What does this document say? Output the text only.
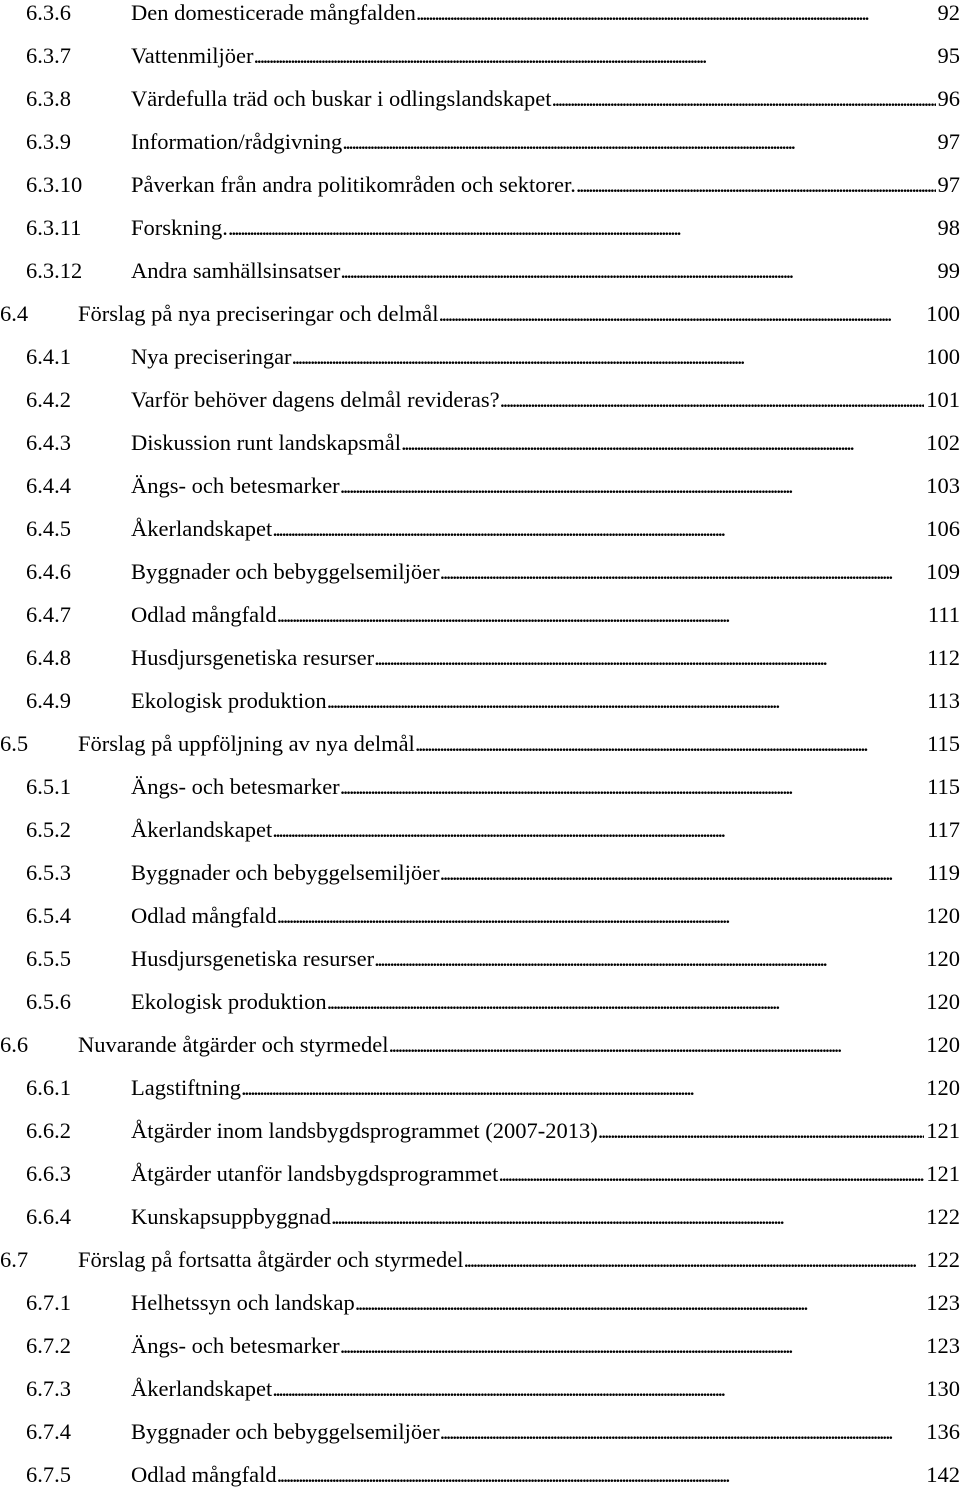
6.3.6	Den domesticerade mångfalden . . .	92
6.3.7	Vattenmiljöer . . .	95
6.3.8	Värdefulla träd och buskar i odlingslandskapet . . .	96
6.3.9	Information/rådgivning . . .	97
6.3.10 Påverkan från andra politikområden och sektorer. . . .	97
6.3.11 Forskning. . . .	98
6.3.12 Andra samhällsinsatser . . .	99
6.4 Förslag på nya preciseringar och delmål . . .	100
6.4.1	Nya preciseringar . . .	100
6.4.2	Varför behöver dagens delmål revideras? . . .	101
6.4.3	Diskussion runt landskapsmål . . .	102
6.4.4	Ängs- och betesmarker . . .	103
6.4.5	Åkerlandskapet . . .	106
6.4.6	Byggnader och bebyggelsemiljöer . . .	109
6.4.7	Odlad mångfald . . .	111
6.4.8	Husdjursgenetiska resurser . . .	112
6.4.9	Ekologisk produktion . . .	113
6.5 Förslag på uppföljning av nya delmål . . .	115
6.5.1	Ängs- och betesmarker . . .	115
6.5.2	Åkerlandskapet . . .	117
6.5.3	Byggnader och bebyggelsemiljöer . . .	119
6.5.4	Odlad mångfald . . .	120
6.5.5	Husdjursgenetiska resurser . . .	120
6.5.6	Ekologisk produktion . . .	120
6.6 Nuvarande åtgärder och styrmedel . . .	120
6.6.1	Lagstiftning . . .	120
6.6.2	Åtgärder inom landsbygdsprogrammet (2007-2013) . . .	121
6.6.3	Åtgärder utanför landsbygdsprogrammet . . .	121
6.6.4	Kunskapsuppbyggnad . . .	122
6.7 Förslag på fortsatta åtgärder och styrmedel . . .	122
6.7.1	Helhetssyn och landskap . . .	123
6.7.2	Ängs- och betesmarker . . .	123
6.7.3	Åkerlandskapet . . .	130
6.7.4	Byggnader och bebyggelsemiljöer . . .	136
6.7.5	Odlad mångfald . . .	142
